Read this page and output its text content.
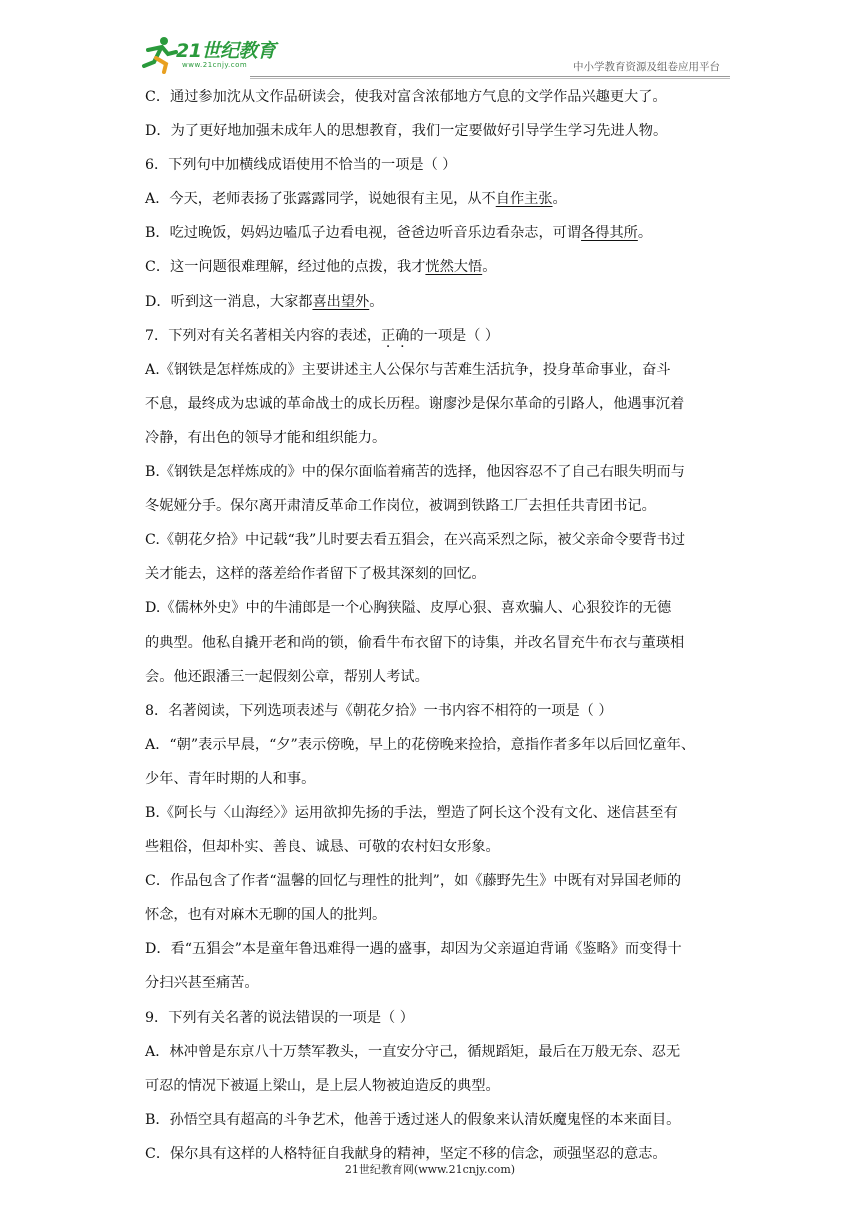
21世纪教育
www.21cnjy.com	中小学教育资源及组卷应用平台
C．通过参加沈从文作品研读会，使我对富含浓郁地方气息的文学作品兴趣更大了。
D．为了更好地加强未成年人的思想教育，我们一定要做好引导学生学习先进人物。
6．下列句中加横线成语使用不恰当的一项是（ ）
A．今天，老师表扬了张露露同学，说她很有主见，从不自作主张。
B．吃过晚饭，妈妈边嗑瓜子边看电视，爸爸边听音乐边看杂志，可谓各得其所。
C．这一问题很难理解，经过他的点拨，我才恍然大悟。
D．听到这一消息，大家都喜出望外。
7．下列对有关名著相关内容的表述，正确的一项是（ ）
A.《钢铁是怎样炼成的》主要讲述主人公保尔与苦难生活抗争，投身革命事业，奋斗
不息，最终成为忠诚的革命战士的成长历程。谢廖沙是保尔革命的引路人，他遇事沉着
冷静，有出色的领导才能和组织能力。
B.《钢铁是怎样炼成的》中的保尔面临着痛苦的选择，他因容忍不了自己右眼失明而与
冬妮娅分手。保尔离开肃清反革命工作岗位，被调到铁路工厂去担任共青团书记。
C.《朝花夕拾》中记载“我”儿时要去看五猖会，在兴高采烈之际，被父亲命令要背书过
关才能去，这样的落差给作者留下了极其深刻的回忆。
D.《儒林外史》中的牛浦郎是一个心胸狭隘、皮厚心狠、喜欢骗人、心狠狡诈的无德
的典型。他私自撬开老和尚的锁，偷看牛布衣留下的诗集，并改名冒充牛布衣与董瑛相
会。他还跟潘三一起假刻公章，帮别人考试。
8．名著阅读，下列选项表述与《朝花夕拾》一书内容不相符的一项是（ ）
A．“朝”表示早晨，“夕”表示傍晚，早上的花傍晚来捡拾，意指作者多年以后回忆童年、
少年、青年时期的人和事。
B.《阿长与〈山海经〉》运用欲抑先扬的手法，塑造了阿长这个没有文化、迷信甚至有
些粗俗，但却朴实、善良、诚恳、可敬的农村妇女形象。
C．作品包含了作者“温馨的回忆与理性的批判”，如《藤野先生》中既有对异国老师的
怀念，也有对麻木无聊的国人的批判。
D．看“五猖会”本是童年鲁迅难得一遇的盛事，却因为父亲逼迫背诵《鉴略》而变得十
分扫兴甚至痛苦。
9．下列有关名著的说法错误的一项是（ ）
A．林冲曾是东京八十万禁军教头，一直安分守己，循规蹈矩，最后在万般无奈、忍无
可忍的情况下被逼上梁山，是上层人物被迫造反的典型。
B．孙悟空具有超高的斗争艺术，他善于透过迷人的假象来认清妖魔鬼怪的本来面目。
C．保尔具有这样的人格特征自我献身的精神，坚定不移的信念，顽强坚忍的意志。
21世纪教育网(www.21cnjy.com)
